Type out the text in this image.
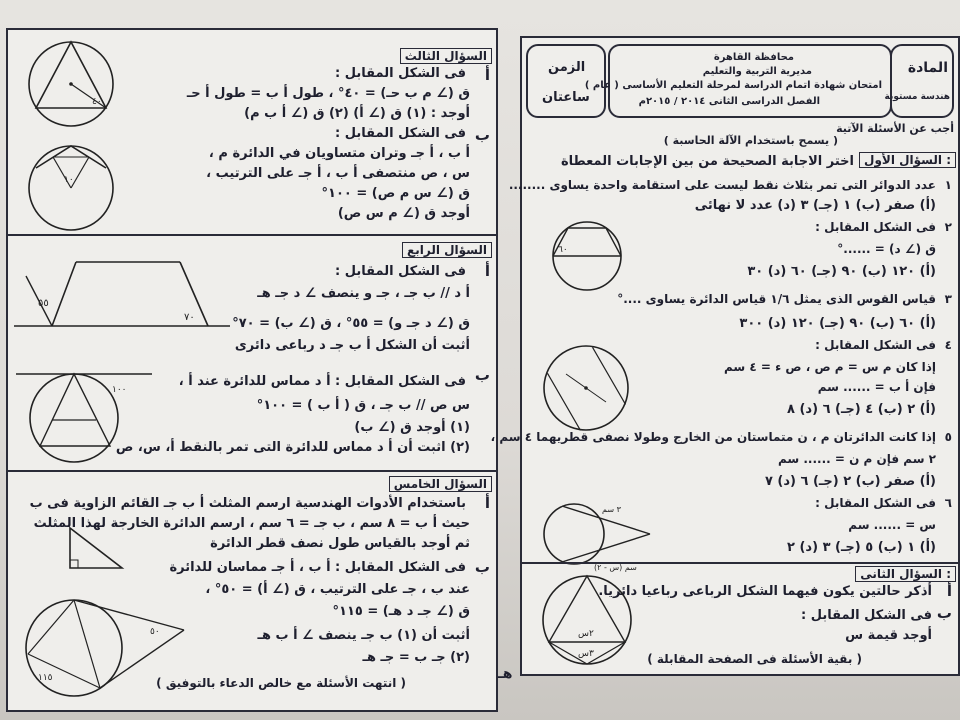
السؤال الثالث
أ
فى الشكل المقابل :
ق (∠ م ب حـ) = ٤٠° ، طول أ ب = طول أ حـ
أوجد : (١) ق (∠ أ) (٢) ق (∠ أ ب م)
ب
فى الشكل المقابل :
أ ب ، أ جـ وتران متساويان في الدائرة م ،
س ، ص منتصفى أ ب ، أ جـ على الترتيب ،
ق (∠ س م ص) = ١٠٠°
أوجد ق (∠ م س ص)
٤٠
١٠٠
السؤال الرابع
أ
فى الشكل المقابل :
أ د // ب جـ ، جـ و ينصف ∠ د جـ هـ
ق (∠ د جـ و) = ٥٥° ، ق (∠ ب) = ٧٠°
أثبت أن الشكل أ ب جـ د رباعى دائرى
ب
فى الشكل المقابل : أ د مماس للدائرة عند أ ،
س ص // ب جـ ، ق ( أ ب ) = ١٠٠°
(١) أوجد ق (∠ ب)
(٢) اثبت أن أ د مماس للدائرة التى تمر بالنقط أ، س، ص
٥٥
٧٠
١٠٠
السؤال الخامس
أ
باستخدام الأدوات الهندسية ارسم المثلث أ ب جـ القائم الزاوية فى ب
حيث أ ب = ٨ سم ، ب جـ = ٦ سم ، ارسم الدائرة الخارجة لهذا المثلث
ثم أوجد بالقياس طول نصف قطر الدائرة
ب
فى الشكل المقابل : أ ب ، أ جـ مماسان للدائرة
عند ب ، جـ على الترتيب ، ق (∠ أ) = ٥٠° ،
ق (∠ جـ د هـ) = ١١٥°
أثبت أن (١) ب جـ ينصف ∠ أ ب هـ
(٢) جـ ب = جـ هـ
( انتهت الأسئلة مع خالص الدعاء بالتوفيق )
٥٠
١١٥	هـ
المادة
هندسة مستوية
محافظة القاهرة
مديرية التربية والتعليم
امتحان شهادة اتمام الدراسة لمرحلة التعليم الأساسى ( عام )
الفصل الدراسى الثانى ٢٠١٤ / ٢٠١٥م
الزمن
ساعتان
أجب عن الأسئلة الآتية
( يسمح باستخدام الآلة الحاسبة )
السؤال الأول :
اختر الاجابة الصحيحة من بين الإجابات المعطاة
١
عدد الدوائر التى تمر بثلاث نقط ليست على استقامة واحدة يساوى ........
(أ) صفر (ب) ١ (جـ) ٣ (د) عدد لا نهائى
٢
فى الشكل المقابل :
ق (∠ د) = ......°
(أ) ١٢٠ (ب) ٩٠ (جـ) ٦٠ (د) ٣٠
٣
قياس القوس الذى يمثل ١/٦ قياس الدائرة يساوى ....°
(أ) ٦٠ (ب) ٩٠ (جـ) ١٢٠ (د) ٣٠٠
٤
فى الشكل المقابل :
إذا كان م س = م ص ، ص ء = ٤ سم
فإن أ ب = ...... سم
(أ) ٢ (ب) ٤ (جـ) ٦ (د) ٨
٥
إذا كانت الدائرتان م ، ن متماستان من الخارج وطولا نصفى قطريهما ٤ سم ،
٢ سم فإن م ن = ...... سم
(أ) صفر (ب) ٢ (جـ) ٦ (د) ٧
٦
فى الشكل المقابل :
س = ...... سم
(أ) ١ (ب) ٥ (جـ) ٣ (د) ٢
٦٠
٣ سم
(س - ٢) سم	السؤال الثانى :
أ
أذكر حالتين يكون فيهما الشكل الرباعى رباعيا دائريا.
ب
فى الشكل المقابل :
أوجد قيمة س
( بقية الأسئلة فى الصفحة المقابلة )
٢س
٣س
